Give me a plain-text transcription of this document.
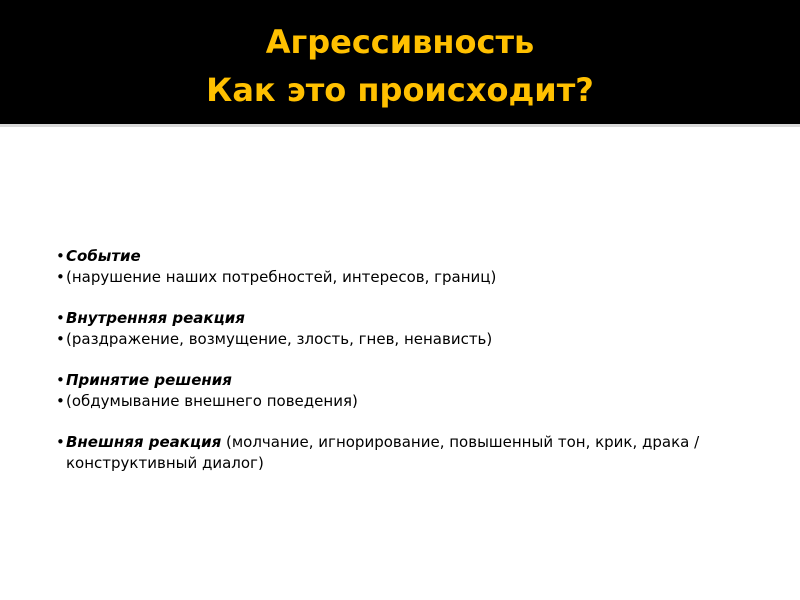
Агрессивность
Как это происходит?
• Событие
• (нарушение наших потребностей, интересов, границ)
• Внутренняя реакция
• (раздражение, возмущение, злость, гнев, ненависть)
• Принятие решения
• (обдумывание внешнего поведения)
• Внешняя реакция (молчание, игнорирование, повышенный тон, крик, драка /
конструктивный диалог)
